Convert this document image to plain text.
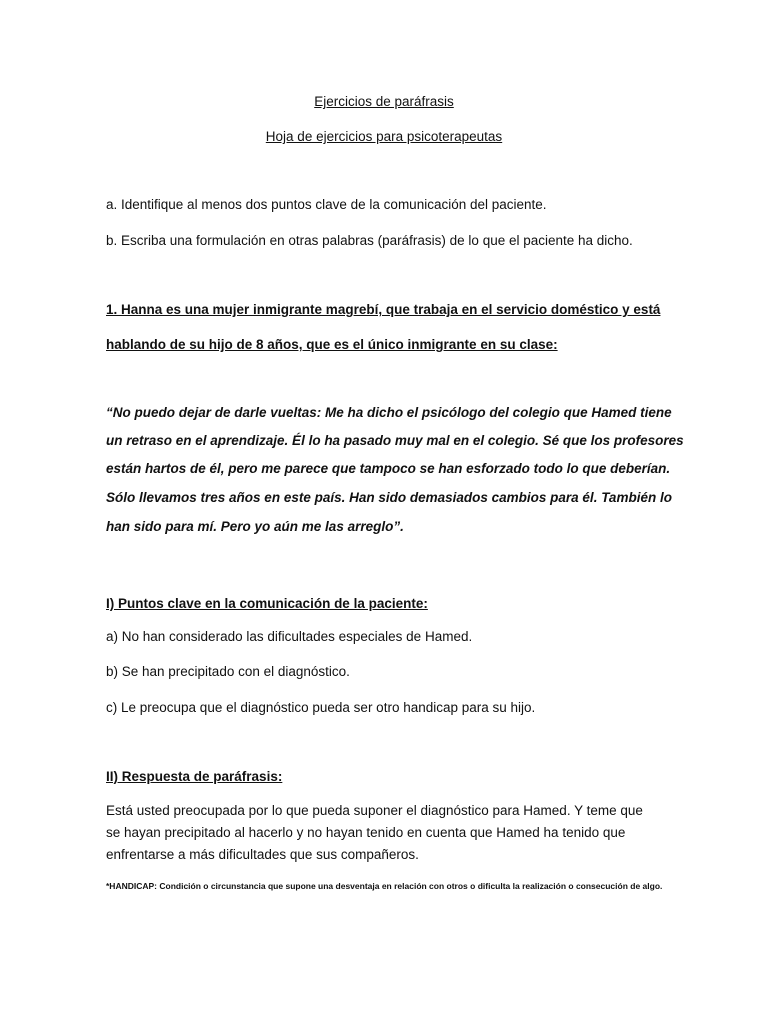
Ejercicios de paráfrasis
Hoja de ejercicios para psicoterapeutas
a. Identifique al menos dos puntos clave de la comunicación del paciente.
b. Escriba una formulación en otras palabras (paráfrasis) de lo que el paciente ha dicho.
1. Hanna es una mujer inmigrante magrebí, que trabaja en el servicio doméstico y está
hablando de su hijo de 8 años, que es el único inmigrante en su clase:
“No puedo dejar de darle vueltas: Me ha dicho el psicólogo del colegio que Hamed tiene
un retraso en el aprendizaje. Él lo ha pasado muy mal en el colegio. Sé que los profesores
están hartos de él, pero me parece que tampoco se han esforzado todo lo que deberían.
Sólo llevamos tres años en este país. Han sido demasiados cambios para él. También lo
han sido para mí. Pero yo aún me las arreglo”.
I) Puntos clave en la comunicación de la paciente:
a) No han considerado las dificultades especiales de Hamed.
b) Se han precipitado con el diagnóstico.
c) Le preocupa que el diagnóstico pueda ser otro handicap para su hijo.
II) Respuesta de paráfrasis:
Está usted preocupada por lo que pueda suponer el diagnóstico para Hamed. Y teme que
se hayan precipitado al hacerlo y no hayan tenido en cuenta que Hamed ha tenido que
enfrentarse a más dificultades que sus compañeros.
*HANDICAP: Condición o circunstancia que supone una desventaja en relación con otros o dificulta la realización o consecución de algo.
